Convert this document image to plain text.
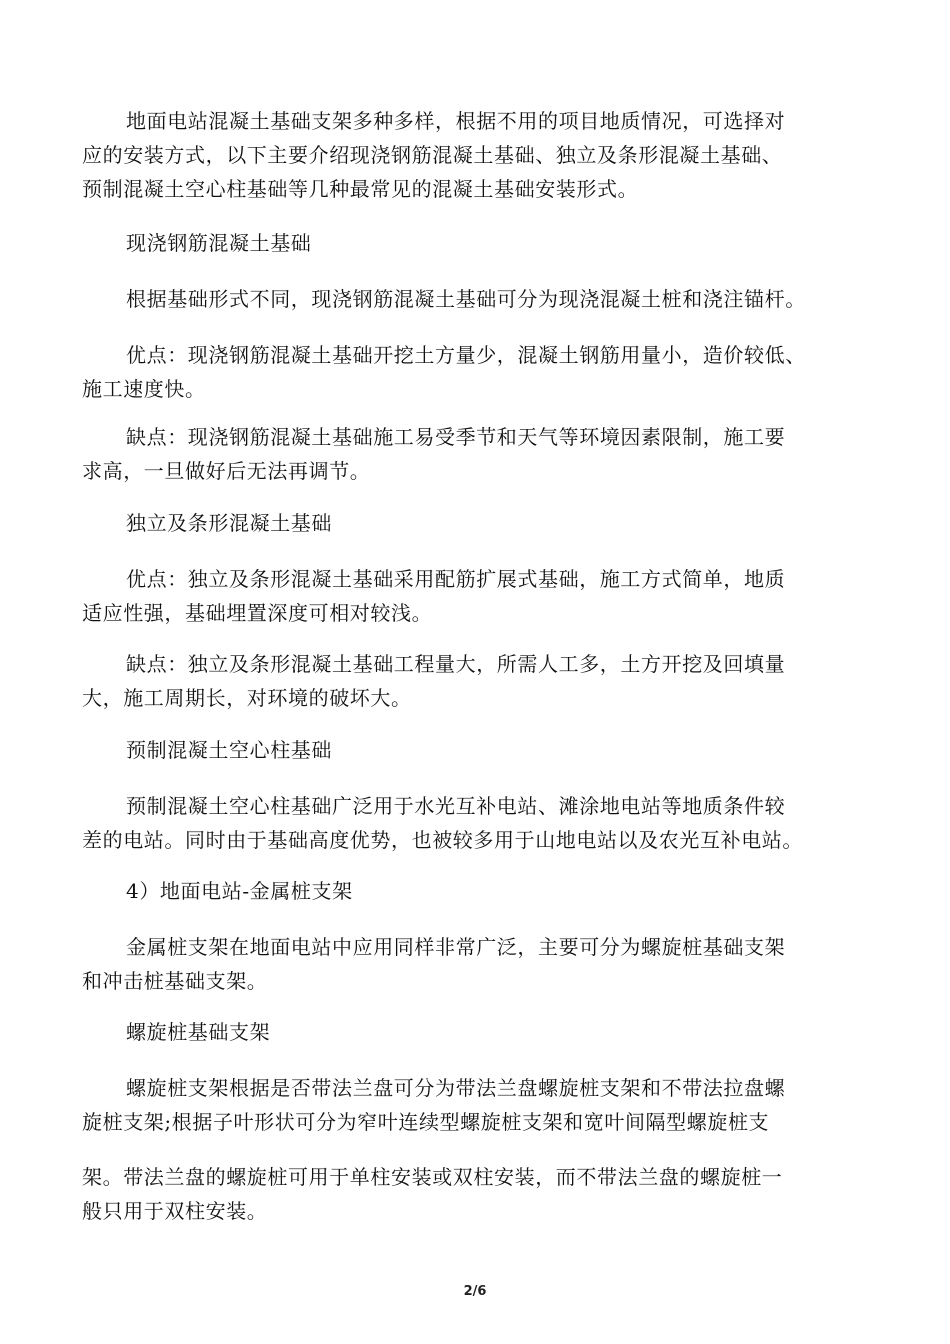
地面电站混凝土基础支架多种多样，根据不用的项目地质情况，可选择对
应的安装方式，以下主要介绍现浇钢筋混凝土基础、独立及条形混凝土基础、
预制混凝土空心柱基础等几种最常见的混凝土基础安装形式。
现浇钢筋混凝土基础
根据基础形式不同，现浇钢筋混凝土基础可分为现浇混凝土桩和浇注锚杆。
优点：现浇钢筋混凝土基础开挖土方量少，混凝土钢筋用量小，造价较低、
施工速度快。
缺点：现浇钢筋混凝土基础施工易受季节和天气等环境因素限制，施工要
求高，一旦做好后无法再调节。
独立及条形混凝土基础
优点：独立及条形混凝土基础采用配筋扩展式基础，施工方式简单，地质
适应性强，基础埋置深度可相对较浅。
缺点：独立及条形混凝土基础工程量大，所需人工多，土方开挖及回填量
大，施工周期长，对环境的破坏大。
预制混凝土空心柱基础
预制混凝土空心柱基础广泛用于水光互补电站、滩涂地电站等地质条件较
差的电站。同时由于基础高度优势，也被较多用于山地电站以及农光互补电站。
4）地面电站-金属桩支架
金属桩支架在地面电站中应用同样非常广泛，主要可分为螺旋桩基础支架
和冲击桩基础支架。
螺旋桩基础支架
螺旋桩支架根据是否带法兰盘可分为带法兰盘螺旋桩支架和不带法拉盘螺
旋桩支架;根据子叶形状可分为窄叶连续型螺旋桩支架和宽叶间隔型螺旋桩支
架。带法兰盘的螺旋桩可用于单柱安装或双柱安装，而不带法兰盘的螺旋桩一
般只用于双柱安装。
2/6
